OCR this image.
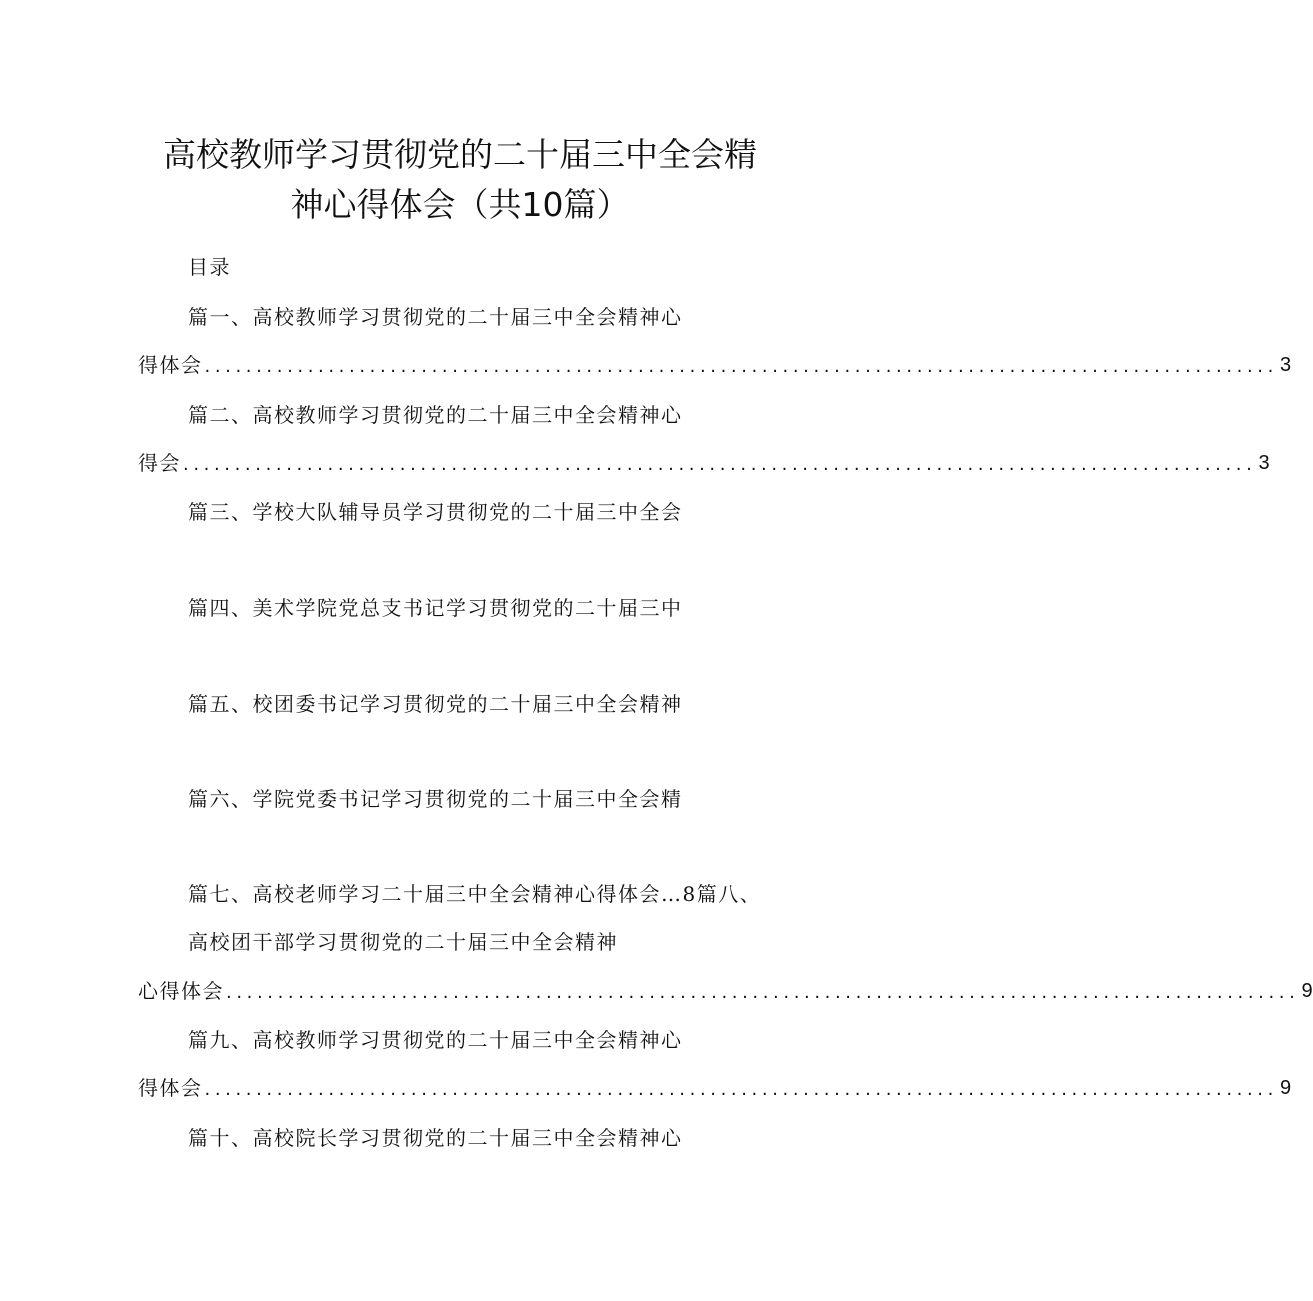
高校教师学习贯彻党的二十届三中全会精
神心得体会（共10篇）
目录
篇一、高校教师学习贯彻党的二十届三中全会精神心
得体会 ........................................................................................................ 3
篇二、高校教师学习贯彻党的二十届三中全会精神心
得会 ........................................................................................................ 3
篇三、学校大队辅导员学习贯彻党的二十届三中全会
篇四、美术学院党总支书记学习贯彻党的二十届三中
篇五、校团委书记学习贯彻党的二十届三中全会精神
篇六、学院党委书记学习贯彻党的二十届三中全会精
篇七、高校老师学习二十届三中全会精神心得体会…8篇八、
高校团干部学习贯彻党的二十届三中全会精神
心得体会 ........................................................................................................ 9
篇九、高校教师学习贯彻党的二十届三中全会精神心
得体会 ........................................................................................................ 9
篇十、高校院长学习贯彻党的二十届三中全会精神心
